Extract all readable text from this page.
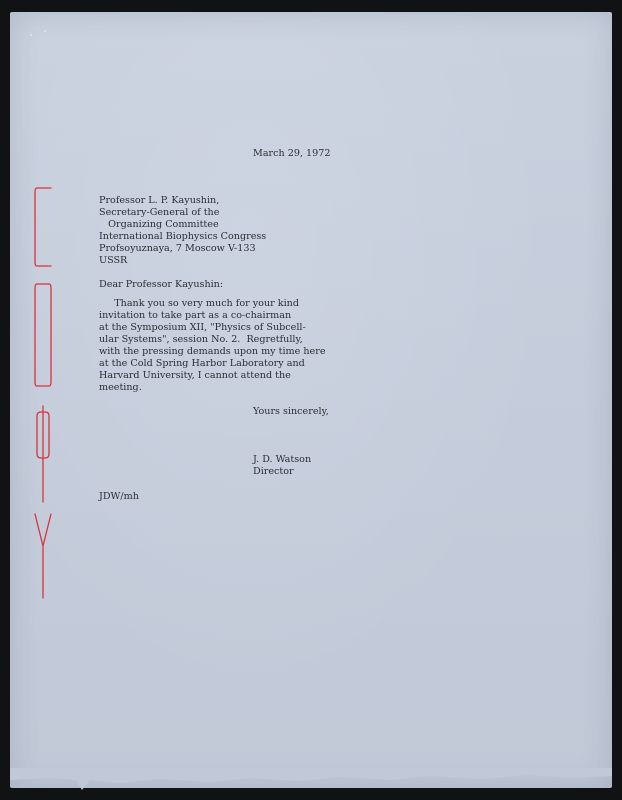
March 29, 1972
Professor L. P. Kayushin,
Secretary-General of the
Organizing Committee
International Biophysics Congress
Profsoyuznaya, 7 Moscow V-133
USSR
Dear Professor Kayushin:
Thank you so very much for your kind
invitation to take part as a co-chairman
at the Symposium XII, "Physics of Subcell-
ular Systems", session No. 2.  Regretfully,
with the pressing demands upon my time here
at the Cold Spring Harbor Laboratory and
Harvard University, I cannot attend the
meeting.
Yours sincerely,
J. D. Watson
Director
JDW/mh
